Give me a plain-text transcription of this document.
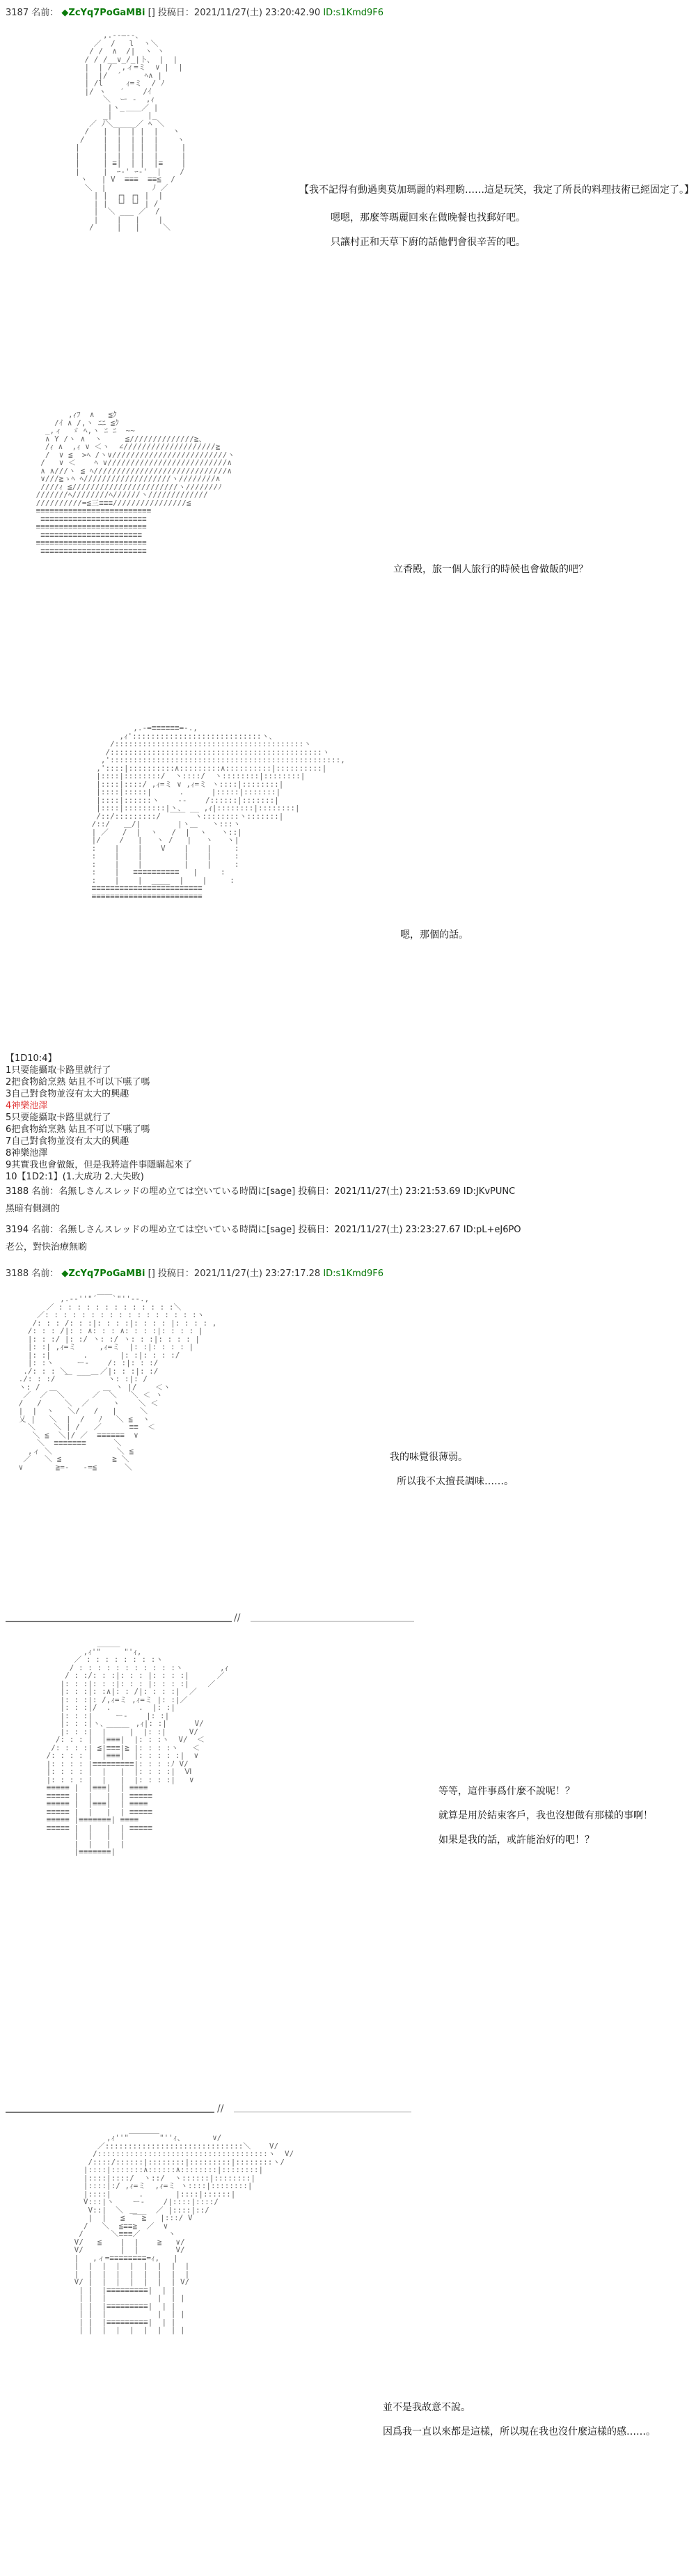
3187 名前： ◆ZcYq7PoGaMBi [] 投稿日：2021/11/27(土) 23:20:42.90 ID:s1Kmd9F6
,.-‐―‐-、
／  /   l  ヽ＼
/ /  ∧  /|  ヽ ヽ
/ / /__∨_/_|ト、 |  |
|  | /  ,ィ=ミ  ∨ |  |
|  |/  ´     ﾍ∧ |
| /l     ｨ=ミ  / ﾉ
|/ ヽ   ′    /ｲ
＼  ー ‐  ,ｨ
|ヽ_  ＿／ |
_|   ￣   |_
／ ﾉ＼_____／ ﾍ ＼
/   |  |  | |  |   ヽ
/    |  |  | |  |    ヽ
|     |  |  | |  |     |
|     |  |  | |  |     |
|     | ≡|  | |  |≡    |
|     |  ｰ-' ｰ-'  |    /
ヽ   | V  ≡≡≡  ≡≡≦  /
＼  |          ﾉ ／
| |  ┌┐ ┌┐ |  |
| |  └┘ └┘ | /
|  ＼ ___ ／  /
|    |   |    |
/     |   |     ＼
【我不記得有動過奧莫加瑪麗的料理喲……這是玩笑，我定了所長的料理技術已經固定了。】
嗯嗯，那麼等瑪麗回來在做晚餐也找郵好吧。
只讓村正和天草下廚的話他們會很辛苦的吧。
,ｨﾌ  ∧   ≦ｸ
/ｲ ∧ /,ヽ ﾆﾆ ≦ｸ
_,ィ  ゞ ﾍ,ヽ ﾆ ﾆ  ~~
∧ Y /ヽ ∧  ヽ     ≦//////////////≧、
/ｨ ∧  ,ｨ ∨ ＜ヽ  ∠////////////////////≧
/  ∨ ≦  >ﾍ /ヽ∨/////////////////////////ヽ
/   ∨ ＜    ﾍ ∨//////////////////////////∧
∧ ∧///ヽ ≦ ﾍ/////////////////////////////∧
∨///≧ゝﾍ ﾍ///////////////////ヽ////////∧
////ｨ ≦///////////////////////ヽ///////ﾉ
///////ﾍ////////ﾍ//////ヽ/////////////
//////////=≦三≡≡≡////////////////≦
≡≡≡≡≡≡≡≡≡≡≡≡≡≡≡≡≡≡≡≡≡≡≡≡≡
≡≡≡≡≡≡≡≡≡≡≡≡≡≡≡≡≡≡≡≡≡≡≡
≡≡≡≡≡≡≡≡≡≡≡≡≡≡≡≡≡≡≡≡≡≡≡≡
≡≡≡≡≡≡≡≡≡≡≡≡≡≡≡≡≡≡≡≡≡≡
≡≡≡≡≡≡≡≡≡≡≡≡≡≡≡≡≡≡≡≡≡≡≡≡
≡≡≡≡≡≡≡≡≡≡≡≡≡≡≡≡≡≡≡≡≡≡≡
立香殿，旅一個人旅行的時候也會做飯的吧？
,.-=≡≡≡≡≡≡=-.,
,ｨ'::::::::::::::::::::::::::::ヽ、
/:::::::::::::::::::::::::::::::::::::::::ヽ
/::::::::::::::::::::::::::::::::::::::::::::::ヽ
,'::::::::::::::::::::::::::::::::::::::::::::::::::,
,'::::|::::::::::∧:::::::::∧::::::::::|::::::::::|
|::::|::::::::/  ヽ::::/  ヽ::::::::|::::::::|
|::::|::::/ ,ｨ=ミ ∨ ,ｨ=ミ ヽ::::|::::::::|
|::::|:::::|      .      |:::::|:::::::|
|::::|::::::ヽ    ‐‐    /::::::|:::::::|
|::::|:::::::::|ヽ、 __ ,ｨ|::::::::|::::::::|
/::/:::::::::/  ￣￣  ヽ::::::::ヽ:::::::|
/::/   ＿/|        |ヽ＿   ヽ:::ヽ
| ／   /  |  ヽ   /  |  ヽ   ヽ::|
|/    /   |   ヽ /   |   ヽ   ヽ|
:    |    |    V    |    |     :
:    |    |         |    |     :
:    |    |         |    |     :
:    |   ≡≡≡≡≡≡≡≡≡≡   |     :
:    |    |  ____  |    |     :
≡≡≡≡≡≡≡≡≡≡≡≡≡≡≡≡≡≡≡≡≡≡≡≡
≡≡≡≡≡≡≡≡≡≡≡≡≡≡≡≡≡≡≡≡≡≡≡≡
嗯，那個的話。
【1D10:4】
1只要能攝取卡路里就行了
2把食物給烹熟 姑且不可以下嚥了嗎
3自己對食物並沒有太大的興趣
4神樂池澤
5只要能攝取卡路里就行了
6把食物給烹熟 姑且不可以下嚥了嗎
7自己對食物並沒有太大的興趣
8神樂池澤
9其實我也會做飯，但是我將這件事隱瞞起來了
10【1D2:1】(1.大成功 2.大失敗)
3188 名前：名無しさんスレッドの埋め立ては空いている時間に[sage] 投稿日：2021/11/27(土) 23:21:53.69 ID:JKvPUNC
黑暗有側測的
3194 名前：名無しさんスレッドの埋め立ては空いている時間に[sage] 投稿日：2021/11/27(土) 23:23:27.67 ID:pL+eJ6PO
老公，對快治療無喲
3188 名前： ◆ZcYq7PoGaMBi [] 投稿日：2021/11/27(土) 23:27:17.28 ID:s1Kmd9F6
,.-‐''"´￣￣`"''‐-.,
／ : : : : : : : : : : : : :＼
／: : : : : : : : : : : : : : : : :ヽ
/: : : /: : :|: : : :|: : : : |: : : : ,
/: : : /|: : ∧: : : ∧: : : :|: : : : |
|: : :/ |: :/ ヽ: :/ ヽ: : :|: : : : |
|: :| ,ｨ=ミ     ,ｨ=ミ  |: :|: : : : |
|: :|       .       |: :|: : : :/
|: :ヽ     ー‐    /: :|: : :/
./: : : ＼  ___  ／|: : :|: :/
./: : :/  ￣    ￣  ヽ: :|: /
ヽ: /  ＿          ＿ ヽ |/    ＜ヽ
／  ／  ＼      ／  ＼   ＼ ＜ ヽ
/   /     ＼  ／     ヽ    ＼ ＜
|  |  ヽ   ＼/   /   |     ＼
乂 |   ＼  |  /   ﾉ   ＼ ≦  ヽ
＼    ＼ | /   ／      ≡≡  ＜
＼ ≦  ＼|/ ／  ≡≡≡≡≡≡  ∨
＼  ≡≡≡≡≡≡≡      ＼
,ィ ＼              ＼ ≦
／   ＼ ≦           ≧ ＼
∨       ≧=-   -=≦      ＼
我的味覺很薄弱。
所以我不太擅長調味……。
//
＿＿＿
,ｨ'"     "'ｨ,
／ : : : : : : : :ヽ
/ : : : : : : : : : : :ヽ        ,ｨ
/ : :/: : :|: : : |: : : :|      ／
|: : :|: : :|: : : |: : : :|    ／
|: : :|: :∧|: : /|: : : :|  ／
|: : :|: /,ｨ=ミ ,ｨ=ミ |: :|／
|: : :|/  .      .  |: :|
|: : :|     ー‐    |: :|
|: : :|ヽ、      ,ｨ|: :|      V/
|: : :|  |￣￣￣|  |: :|     V/
/: : : |  |≡≡≡|  |: : :ヽ  V/  ＜
/: : : :| ≦|≡≡≡|≧ |: : : :ヽ   ＜
/: : : : |  |≡≡≡|  |: : : : :|  ∨
|: : : : |≡≡≡≡≡≡≡≡≡|: : : :ﾉ V/
|: : : : |  |   |  |: : : :|  Ⅵ
|: : : : |  |   |  |: : : :|   ∨
≡≡≡≡≡ |  |≡≡≡|  | ≡≡≡≡
≡≡≡≡≡ |  |   |  | ≡≡≡≡≡
≡≡≡≡≡ |  |≡≡≡|  | ≡≡≡≡
≡≡≡≡≡ |  |   |  | ≡≡≡≡≡
≡≡≡≡≡ |≡≡≡≡≡≡≡| ≡≡≡≡
≡≡≡≡≡ |  |   |  | ≡≡≡≡≡
|  |   |  |
|  |   |  |
|≡≡≡≡≡≡≡|
等等，這件事爲什麼不說呢！？
就算是用於結束客戶，我也沒想做有那樣的事啊！
如果是我的話，或許能治好的吧！？
//
,ｨ''"￣￣￣￣"''ｨ、      ∨/
／::::::::::::::::::::::::::::::＼    V/
/:::::::::::::::::::::::::::::::::::::ヽ  V/
/::::/::::::|::::::::|:::::::::|::::::::ヽ/
|::::|:::::::∧::::::∧::::::::|::::::::|
|::::|::::/  ヽ::/  ヽ::::::|::::::::|
|::::|:/ ,ｨ=ミ  ,ｨ=ミ ヽ::::|::::::::|
|::::|      .       |::::|::::::|
V:::|ヽ    ー‐    /|::::|::::/
V::|  ＼  ___  ／ |::::|::/
|  |   ≦ ￣ ≧   |:::/ V
/   ＼  ≦≡≡≧  ／  ∨
/      ＼≡≡≡／      ヽ
V/   ≦    |  |    ≧   ∨/
V/        |  |        V/
|   ,ィ=≡≡≡≡≡≡≡≡=ｨ,   |
|  |  |  |  |  |  |  |  |
|  |  |  |  |  |  |  |  |
V/ |  |  |  |  |  |  | V/
| |  |≡≡≡≡≡≡≡≡≡|  | |
| |  |           |  | |
| |  |≡≡≡≡≡≡≡≡≡|  | |
| |  |           |  | |
| |  |≡≡≡≡≡≡≡≡≡|  | |
| |  |  |  |  |  |  | |
並不是我故意不說。
因爲我一直以來都是這樣，所以現在我也沒什麼這樣的感……。
